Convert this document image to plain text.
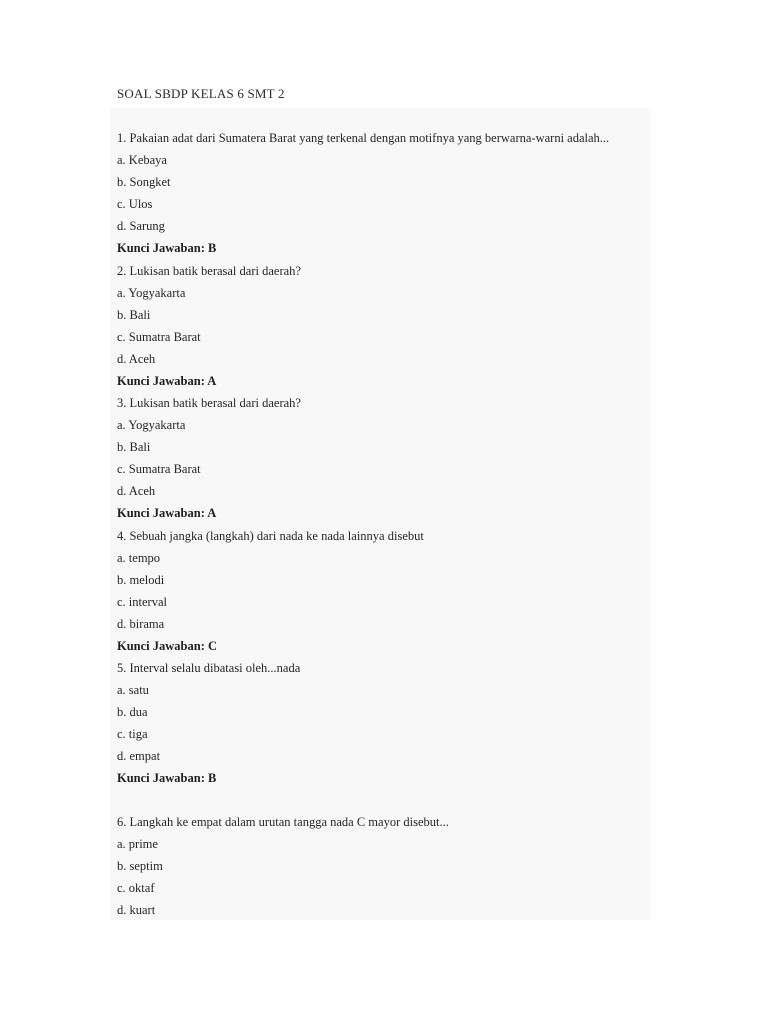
SOAL SBDP KELAS 6 SMT 2
1. Pakaian adat dari Sumatera Barat yang terkenal dengan motifnya yang berwarna-warni adalah...
a. Kebaya
b. Songket
c. Ulos
d. Sarung
Kunci Jawaban: B
2. Lukisan batik berasal dari daerah?
a. Yogyakarta
b. Bali
c. Sumatra Barat
d. Aceh
Kunci Jawaban: A
3. Lukisan batik berasal dari daerah?
a. Yogyakarta
b. Bali
c. Sumatra Barat
d. Aceh
Kunci Jawaban: A
4. Sebuah jangka (langkah) dari nada ke nada lainnya disebut
a. tempo
b. melodi
c. interval
d. birama
Kunci Jawaban: C
5. Interval selalu dibatasi oleh...nada
a. satu
b. dua
c. tiga
d. empat
Kunci Jawaban: B
6. Langkah ke empat dalam urutan tangga nada C mayor disebut...
a. prime
b. septim
c. oktaf
d. kuart
